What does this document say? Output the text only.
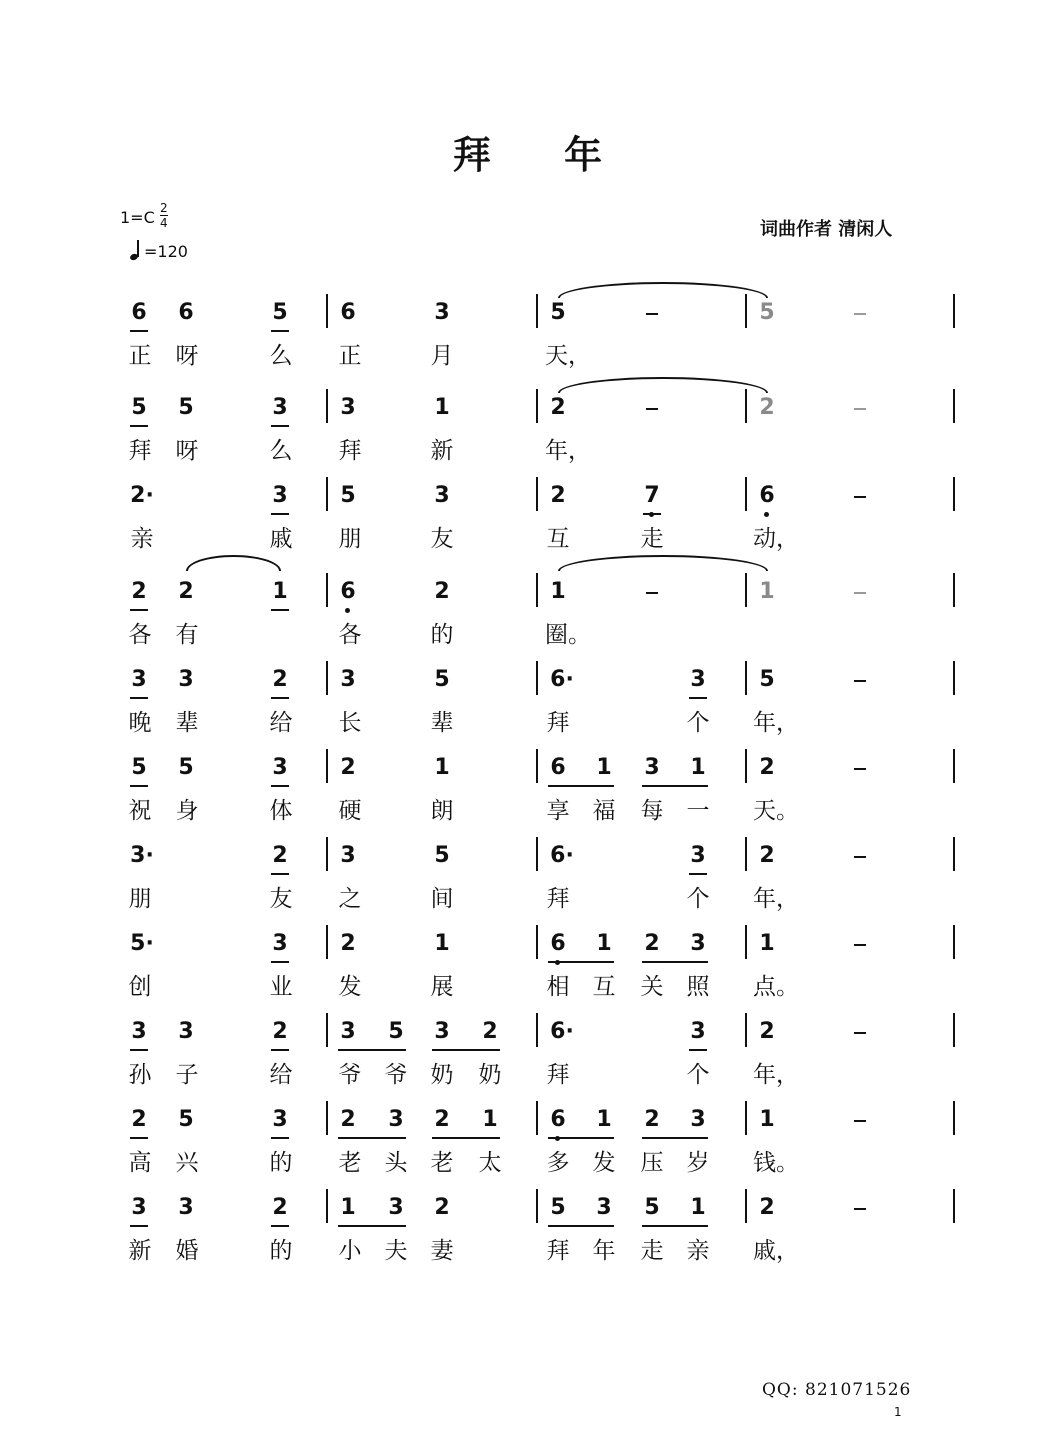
拜 年
1=C 2
4
=120
词曲作者 清闲人
6	6	5	6	3	5	5
正	呀	么	正	月	天，
5	5	3	3	1	2	2
拜	呀	么	拜	新	年，
2·	3	5	3	2	7	6
亲	戚	朋	友	互	走	动，
2	2	1	6	2	1	1
各	有	各	的	圈。
3	3	2	3	5	6·	3	5
晚	辈	给	长	辈	拜	个	年，
5	5	3	2	1	6	1	3	1	2
祝	身	体	硬	朗	享	福	每	一	天。
3·	2	3	5	6·	3	2
朋	友	之	间	拜	个	年，
5·	3	2	1	6	1	2	3	1
创	业	发	展	相	互	关	照	点。
3	3	2	3	5	3	2	6·	3	2
孙	子	给	爷	爷	奶	奶	拜	个	年，
2	5	3	2	3	2	1	6	1	2	3	1
高	兴	的	老	头	老	太	多	发	压	岁	钱。
3	3	2	1	3	2	5	3	5	1	2
新	婚	的	小	夫	妻	拜	年	走	亲	戚，
QQ: 821071526
1
